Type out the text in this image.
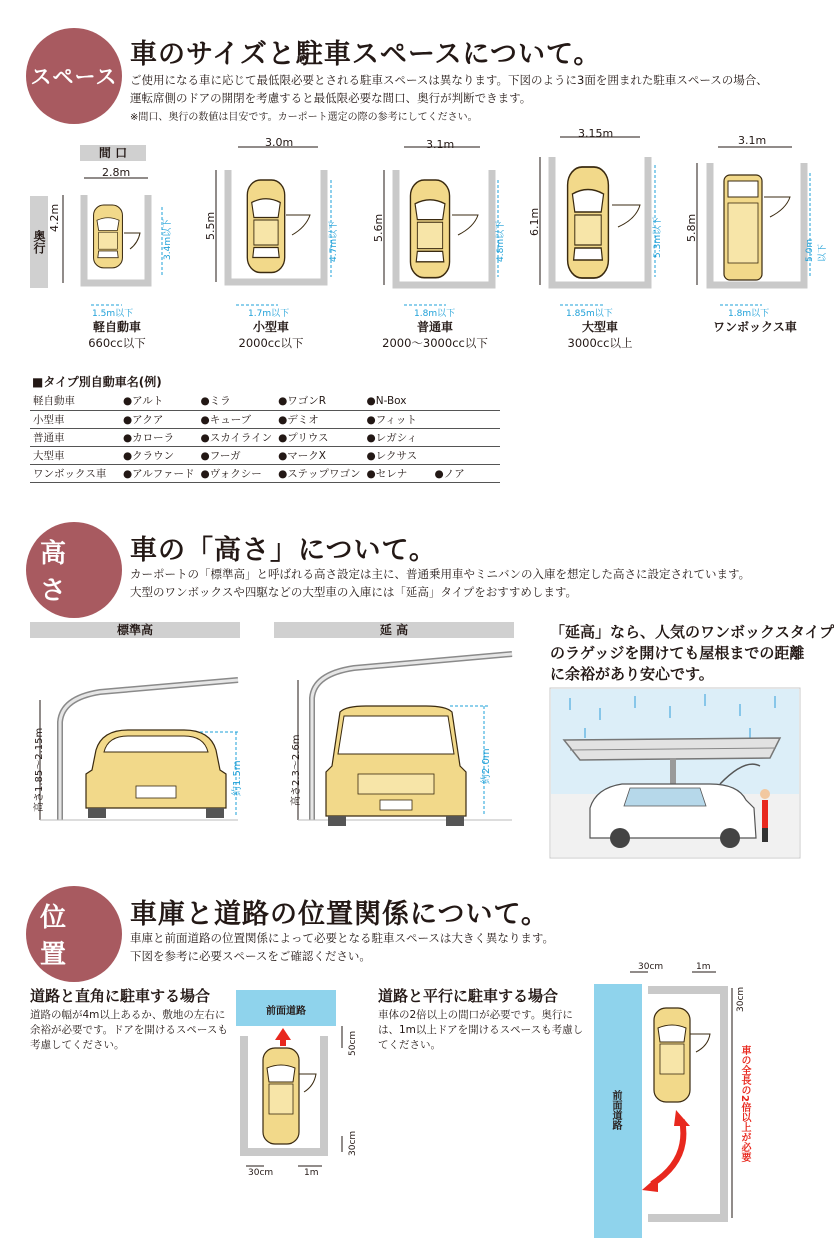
スペース
車のサイズと駐車スペースについて。
ご使用になる車に応じて最低限必要とされる駐車スペースは異なります。下図のように3面を囲まれた駐車スペースの場合、
運転席側のドアの開閉を考慮すると最低限必要な間口、奥行が判断できます。
※間口、奥行の数値は目安です。カーポート選定の際の参考にしてください。
間 口
奥行
2.8m
4.2m
3.4m以下
1.5m以下
3.0m
5.5m	4.7m以下
1.7m以下
3.1m
5.6m	4.8m以下
1.8m以下
3.15m
6.1m	5.3m以下
1.85m以下
3.1m
5.8m
5.0m以下
1.8m以下
軽自動車
660cc以下
小型車
2000cc以下
普通車
2000～3000cc以下
大型車
3000cc以上
ワンボックス車
■タイプ別自動車名(例)
軽自動車	●アルト	●ミラ	●ワゴンR	●N-Box	
小型車	●アクア	●キューブ	●デミオ	●フィット	
普通車	●カローラ	●スカイライン	●プリウス	●レガシィ	
大型車	●クラウン	●フーガ	●マークX	●レクサス	
ワンボックス車	●アルファード	●ヴォクシー	●ステップワゴン	●セレナ	●ノア
高 さ
車の「高さ」について。
カーポートの「標準高」と呼ばれる高さ設定は主に、普通乗用車やミニバンの入庫を想定した高さに設定されています。
大型のワンボックスや四駆などの大型車の入庫には「延高」タイプをおすすめします。
標準高	延 高
高さ1.85～2.15m	約1.5m	高さ2.3～2.6m	約2.0m
「延高」なら、人気のワンボックスタイプ
のラゲッジを開けても屋根までの距離
に余裕があり安心です。
位 置
車庫と道路の位置関係について。
車庫と前面道路の位置関係によって必要となる駐車スペースは大きく異なります。
下図を参考に必要スペースをご確認ください。
道路と直角に駐車する場合
道路の幅が4m以上あるか、敷地の左右に
余裕が必要です。ドアを開けるスペースも
考慮してください。
前面道路
50cm
30cm
30cm	1m
道路と平行に駐車する場合
車体の2倍以上の間口が必要です。奥行に
は、1m以上ドアを開けるスペースも考慮し
てください。
前面道路
30cm	1m
30cm
車の全長の2倍以上が必要
